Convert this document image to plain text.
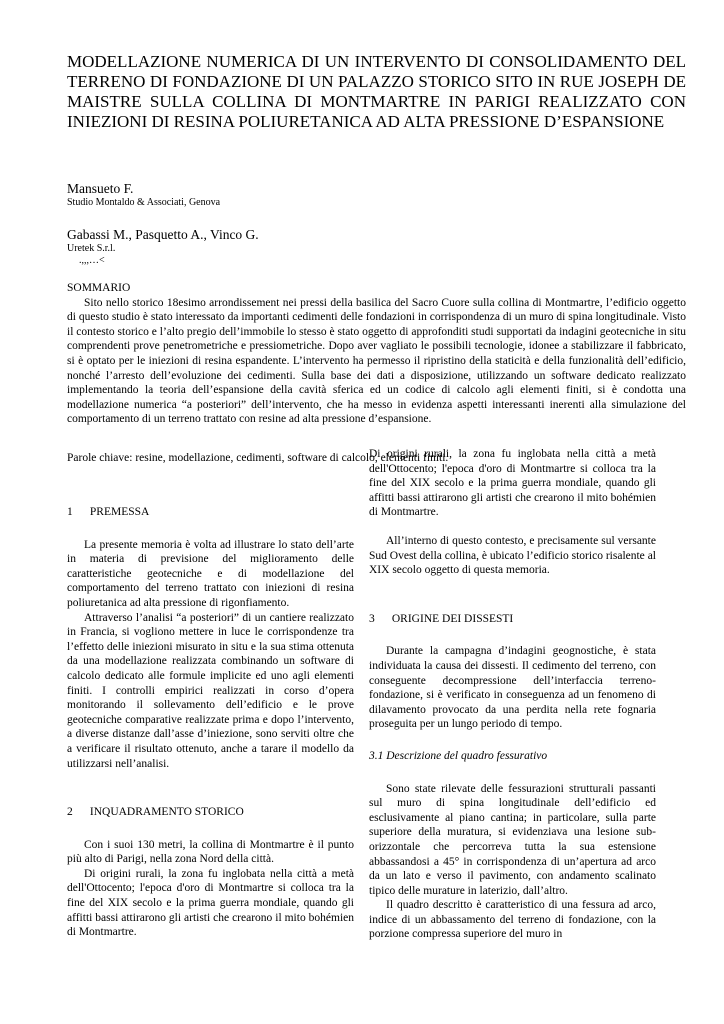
MODELLAZIONE NUMERICA DI UN INTERVENTO DI CONSOLIDAMENTO DEL TERRENO DI FONDAZIONE DI UN PALAZZO STORICO SITO IN RUE JOSEPH DE MAISTRE SULLA COLLINA DI MONTMARTRE IN PARIGI REALIZZATO CON INIEZIONI DI RESINA POLIURETANICA AD ALTA PRESSIONE D’ESPANSIONE
Mansueto F.
Studio Montaldo & Associati, Genova
Gabassi M., Pasquetto A., Vinco G.
Uretek S.r.l.
.,,,…<
SOMMARIO

Sito nello storico 18esimo arrondissement nei pressi della basilica del Sacro Cuore sulla collina di Montmartre, l’edificio oggetto di questo studio è stato interessato da importanti cedimenti delle fondazioni in corrispondenza di un muro di spina longitudinale. Visto il contesto storico e l’alto pregio dell’immobile lo stesso è stato oggetto di approfonditi studi supportati da indagini geotecniche in situ comprendenti prove penetrometriche e pressiometriche. Dopo aver vagliato le possibili tecnologie, idonee a stabilizzare il fabbricato, si è optato per le iniezioni di resina espandente. L’intervento ha permesso il ripristino della staticità e della funzionalità dell’edificio, nonché l’arresto dell’evoluzione dei cedimenti. Sulla base dei dati a disposizione, utilizzando un software dedicato realizzato implementando la teoria dell’espansione della cavità sferica ed un codice di calcolo agli elementi finiti, si è condotta una modellazione numerica “a posteriori” dell’intervento, che ha messo in evidenza aspetti interessanti inerenti alla simulazione del comportamento di un terreno trattato con resine ad alta pressione d’espansione.

Parole chiave: resine, modellazione, cedimenti, software di calcolo, elementi finiti.
1 PREMESSA

La presente memoria è volta ad illustrare lo stato dell’arte in materia di previsione del miglioramento delle caratteristiche geotecniche e di modellazione del comportamento del terreno trattato con iniezioni di resina poliuretanica ad alta pressione di rigonfiamento.

Attraverso l’analisi “a posteriori” di un cantiere realizzato in Francia, si vogliono mettere in luce le corrispondenze tra l’effetto delle iniezioni misurato in situ e la sua stima ottenuta da una modellazione realizzata combinando un software di calcolo dedicato alle formule implicite ed uno agli elementi finiti. I controlli empirici realizzati in corso d’opera monitorando il sollevamento dell’edificio e le prove geotecniche comparative realizzate prima e dopo l’intervento, a diverse distanze dall’asse d’iniezione, sono serviti oltre che a verificare il risultato ottenuto, anche a tarare il modello da utilizzarsi nell’analisi.

2 INQUADRAMENTO STORICO

Con i suoi 130 metri, la collina di Montmartre è il punto più alto di Parigi, nella zona Nord della città.

Di origini rurali, la zona fu inglobata nella città a metà dell'Ottocento; l'epoca d'oro di Montmartre si colloca tra la fine del XIX secolo e la prima guerra mondiale, quando gli affitti bassi attirarono gli artisti che crearono il mito bohémien di Montmartre.

Di origini rurali, la zona fu inglobata nella città a metà dell'Ottocento; l'epoca d'oro di Montmartre si colloca tra la fine del XIX secolo e la prima guerra mondiale, quando gli affitti bassi attirarono gli artisti che crearono il mito bohémien di Montmartre.

All’interno di questo contesto, e precisamente sul versante Sud Ovest della collina, è ubicato l’edificio storico risalente al XIX secolo oggetto di questa memoria.

3 ORIGINE DEI DISSESTI

Durante la campagna d’indagini geognostiche, è stata individuata la causa dei dissesti. Il cedimento del terreno, con conseguente decompressione dell’interfaccia terreno-fondazione, si è verificato in conseguenza ad un fenomeno di dilavamento provocato da una perdita nella rete fognaria proseguita per un lungo periodo di tempo.

3.1 Descrizione del quadro fessurativo

Sono state rilevate delle fessurazioni strutturali passanti sul muro di spina longitudinale dell’edificio ed esclusivamente al piano cantina; in particolare, sulla parte superiore della muratura, si evidenziava una lesione sub-orizzontale che percorreva tutta la sua estensione abbassandosi a 45° in corrispondenza di un’apertura ad arco da un lato e verso il pavimento, con andamento scalinato tipico delle murature in laterizio, dall’altro.

Il quadro descritto è caratteristico di una fessura ad arco, indice di un abbassamento del terreno di fondazione, con la porzione compressa superiore del muro in
